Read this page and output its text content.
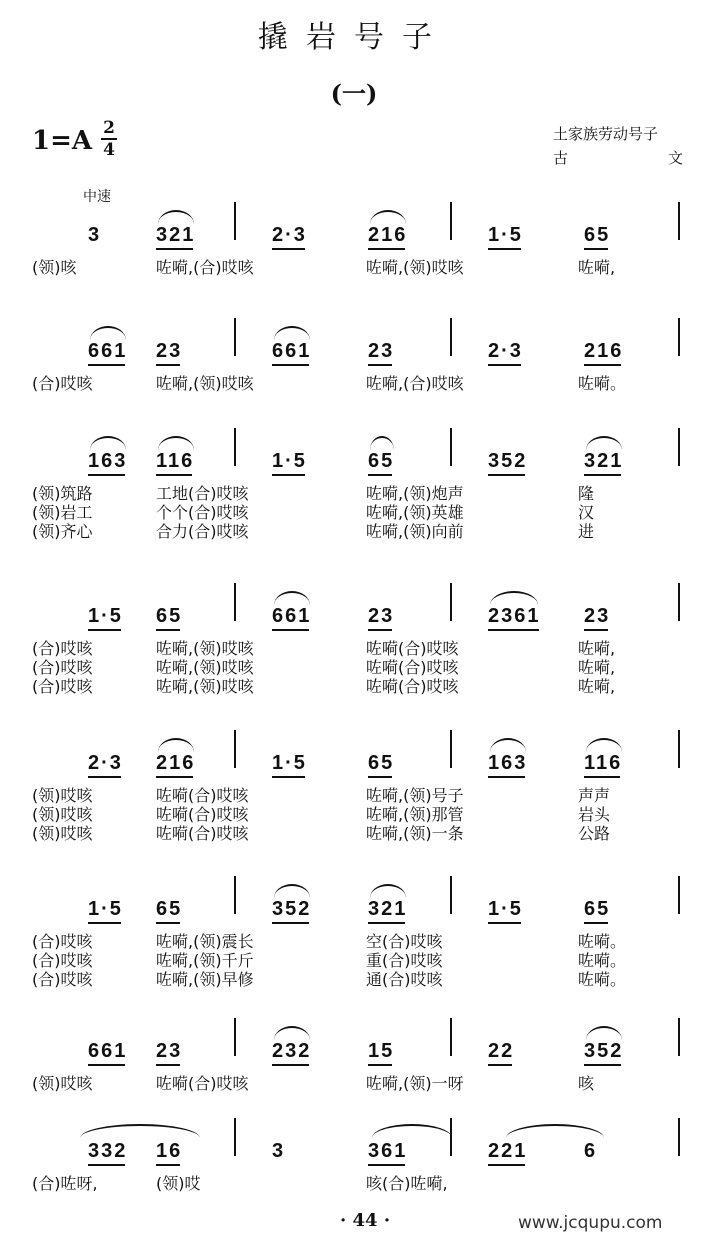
撬岩号子
(一)
1=A 2
4
土家族劳动号子
古	文
中速
3	321	2·3	216	1·5	65
(领)咳	咗嗬,(合)哎咳	咗嗬,(领)哎咳	咗嗬,
661 23	661	23	2·3	216
(合)哎咳	咗嗬,(领)哎咳	咗嗬,(合)哎咳	咗嗬。
163 116	1·5	65	352	321
(领)筑路	工地(合)哎咳	咗嗬,(领)炮声	隆
(领)岩工	个个(合)哎咳	咗嗬,(领)英雄	汉
(领)齐心	合力(合)哎咳	咗嗬,(领)向前	进
1·5 65	661	23	2361 23
(合)哎咳	咗嗬,(领)哎咳	咗嗬(合)哎咳	咗嗬,
(合)哎咳	咗嗬,(领)哎咳	咗嗬(合)哎咳	咗嗬,
(合)哎咳	咗嗬,(领)哎咳	咗嗬(合)哎咳	咗嗬,
2·3 216	1·5	65	163	116
(领)哎咳	咗嗬(合)哎咳	咗嗬,(领)号子	声声
(领)哎咳	咗嗬(合)哎咳	咗嗬,(领)那管	岩头
(领)哎咳	咗嗬(合)哎咳	咗嗬,(领)一条	公路
1·5 65	352	321	1·5	65
(合)哎咳	咗嗬,(领)震长	空(合)哎咳	咗嗬。
(合)哎咳	咗嗬,(领)千斤	重(合)哎咳	咗嗬。
(合)哎咳	咗嗬,(领)早修	通(合)哎咳	咗嗬。
661 23	232	15	22	352
(领)哎咳	咗嗬(合)哎咳	咗嗬,(领)一呀	咳
332 16	3	361	221	6
(合)咗呀,	(领)哎	咳(合)咗嗬,
· 44 ·	www.jcqupu.com
